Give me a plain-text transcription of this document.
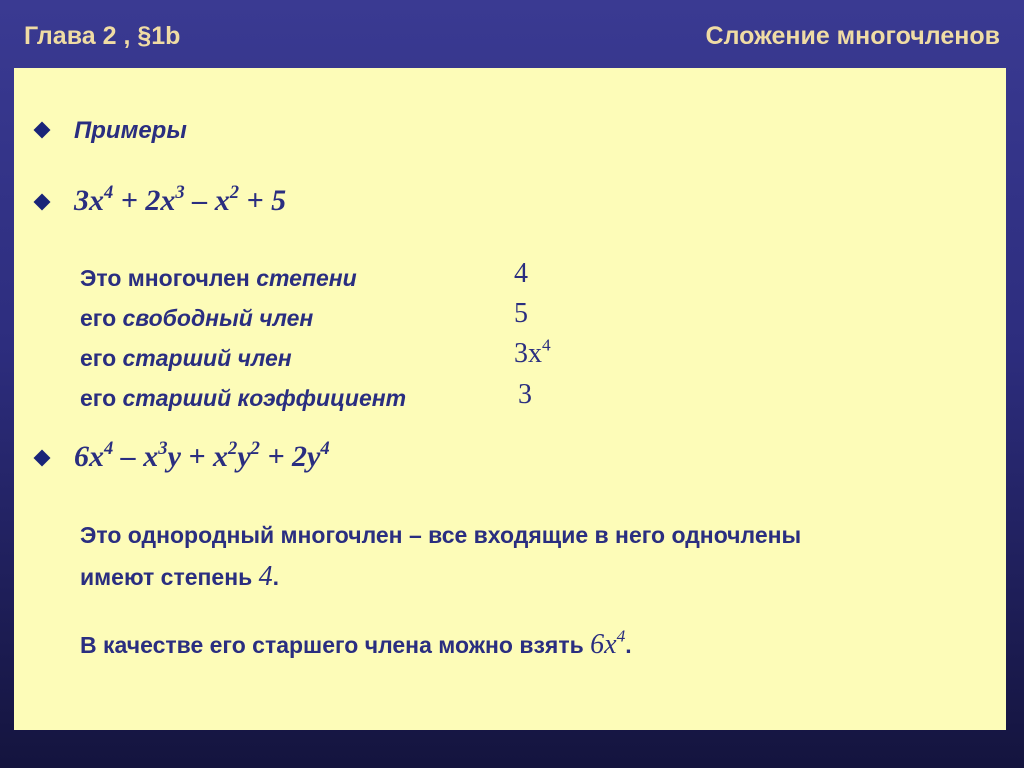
Глава 2 , §1b	Сложение многочленов
Примеры
$3x^4 + 2x^3 - x^2 + 5$
Это многочлен степени	4
его свободный член	5
его старший член	$3x^4$
его старший коэффициент	3
$6x^4 - x^3y + x^2y^2 + 2y^4$
Это однородный многочлен – все входящие в него одночлены
имеют степень 4.
В качестве его старшего члена можно взять $6x^4$.
